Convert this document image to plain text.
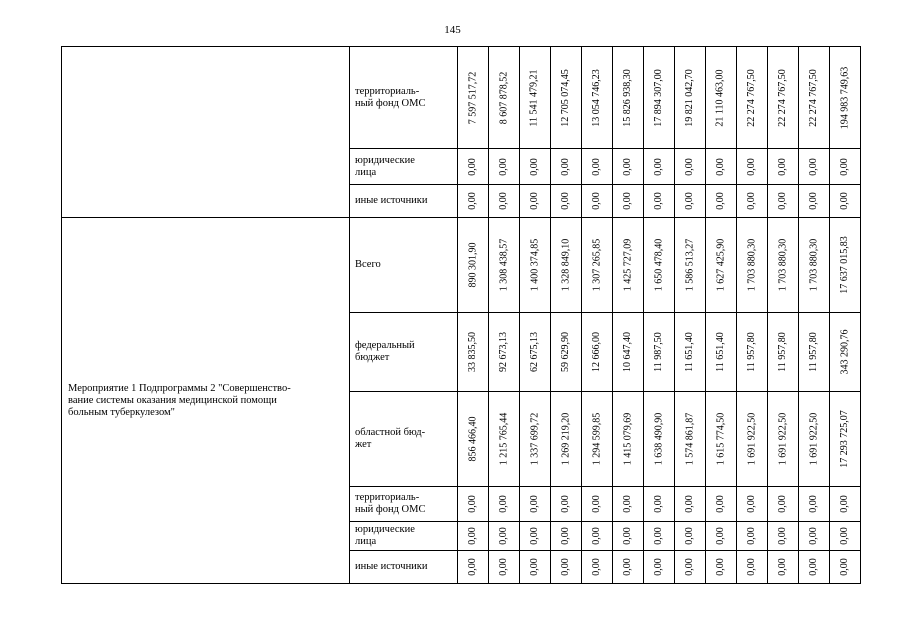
145
	территориаль-
ный фонд ОМС	7 597 517,72	8 607 878,52	11 541 479,21	12 705 074,45	13 054 746,23	15 826 938,30	17 894 307,00	19 821 042,70	21 110 463,00	22 274 767,50	22 274 767,50	22 274 767,50	194 983 749,63

	юридические
лица	0,00	0,00	0,00	0,00	0,00	0,00	0,00	0,00	0,00	0,00	0,00	0,00	0,00

	иные источники	0,00	0,00	0,00	0,00	0,00	0,00	0,00	0,00	0,00	0,00	0,00	0,00	0,00

Мероприятие 1 Подпрограммы 2 "Совершенство-
вание системы оказания медицинской помощи
больным туберкулезом"	Всего	890 301,90	1 308 438,57	1 400 374,85	1 328 849,10	1 307 265,85	1 425 727,09	1 650 478,40	1 586 513,27	1 627 425,90	1 703 880,30	1 703 880,30	1 703 880,30	17 637 015,83

	федеральный
бюджет	33 835,50	92 673,13	62 675,13	59 629,90	12 666,00	10 647,40	11 987,50	11 651,40	11 651,40	11 957,80	11 957,80	11 957,80	343 290,76

	областной бюд-
жет	856 466,40	1 215 765,44	1 337 699,72	1 269 219,20	1 294 599,85	1 415 079,69	1 638 490,90	1 574 861,87	1 615 774,50	1 691 922,50	1 691 922,50	1 691 922,50	17 293 725,07

	территориаль-
ный фонд ОМС	0,00	0,00	0,00	0,00	0,00	0,00	0,00	0,00	0,00	0,00	0,00	0,00	0,00

	юридические
лица	0,00	0,00	0,00	0,00	0,00	0,00	0,00	0,00	0,00	0,00	0,00	0,00	0,00

	иные источники	0,00	0,00	0,00	0,00	0,00	0,00	0,00	0,00	0,00	0,00	0,00	0,00	0,00
